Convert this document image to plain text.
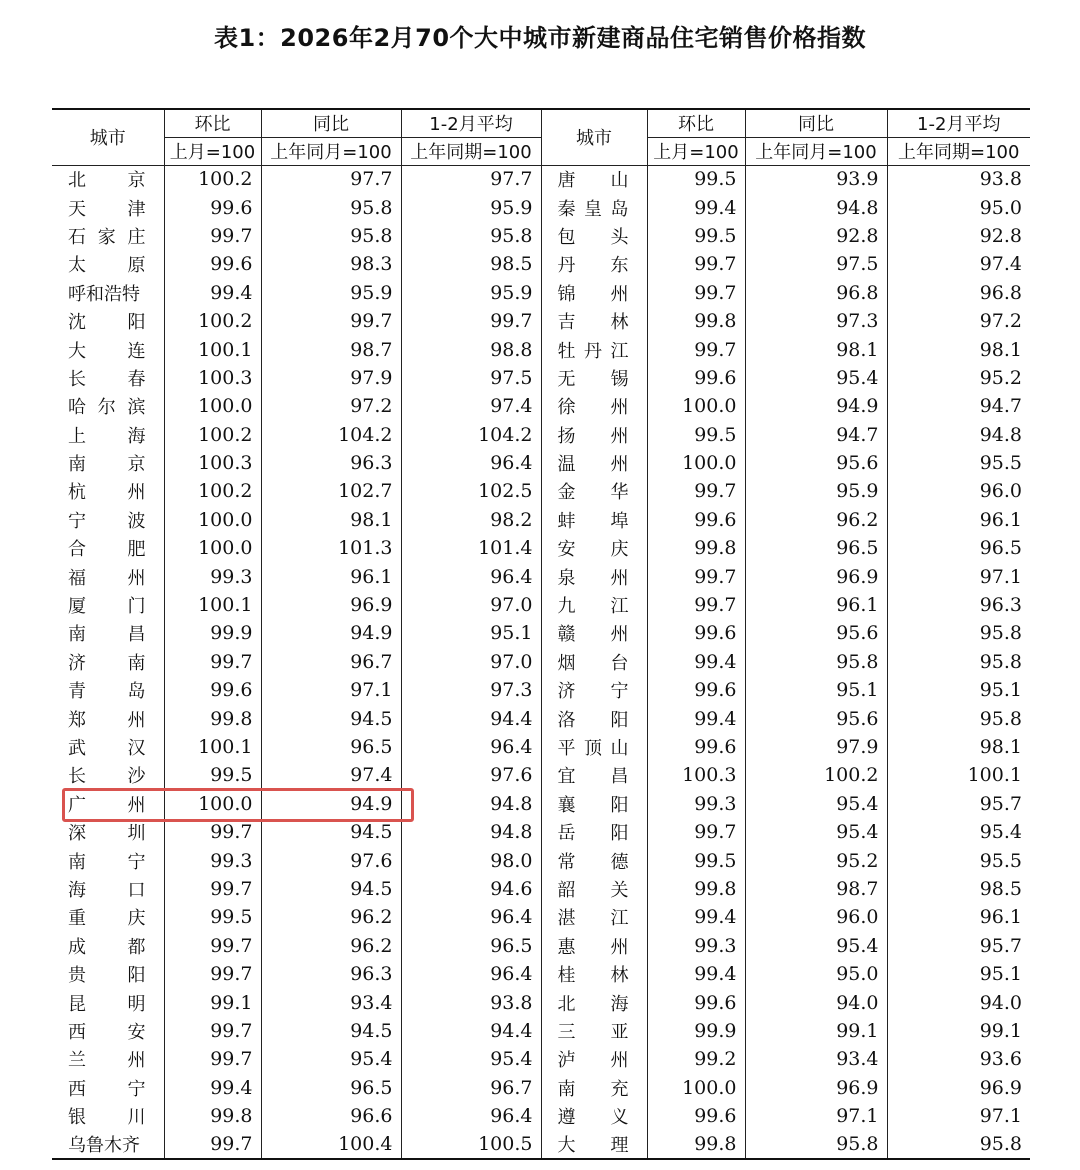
表1：2026年2月70个大中城市新建商品住宅销售价格指数
城市	环比	同比	1-2月平均	城市	环比	同比	1-2月平均
	上月=100	上年同月=100	上年同期=100		上月=100	上年同月=100	上年同期=100

北 京	100.2	97.7	97.7	唐 山	99.5	93.9	93.8

天 津	99.6	95.8	95.9	秦 皇 岛	99.4	94.8	95.0

石 家 庄	99.7	95.8	95.8	包 头	99.5	92.8	92.8

太 原	99.6	98.3	98.5	丹 东	99.7	97.5	97.4

呼 和 浩 特	99.4	95.9	95.9	锦 州	99.7	96.8	96.8

沈 阳	100.2	99.7	99.7	吉 林	99.8	97.3	97.2

大 连	100.1	98.7	98.8	牡 丹 江	99.7	98.1	98.1

长 春	100.3	97.9	97.5	无 锡	99.6	95.4	95.2

哈 尔 滨	100.0	97.2	97.4	徐 州	100.0	94.9	94.7

上 海	100.2	104.2	104.2	扬 州	99.5	94.7	94.8

南 京	100.3	96.3	96.4	温 州	100.0	95.6	95.5

杭 州	100.2	102.7	102.5	金 华	99.7	95.9	96.0

宁 波	100.0	98.1	98.2	蚌 埠	99.6	96.2	96.1

合 肥	100.0	101.3	101.4	安 庆	99.8	96.5	96.5

福 州	99.3	96.1	96.4	泉 州	99.7	96.9	97.1

厦 门	100.1	96.9	97.0	九 江	99.7	96.1	96.3

南 昌	99.9	94.9	95.1	赣 州	99.6	95.6	95.8

济 南	99.7	96.7	97.0	烟 台	99.4	95.8	95.8

青 岛	99.6	97.1	97.3	济 宁	99.6	95.1	95.1

郑 州	99.8	94.5	94.4	洛 阳	99.4	95.6	95.8

武 汉	100.1	96.5	96.4	平 顶 山	99.6	97.9	98.1

长 沙	99.5	97.4	97.6	宜 昌	100.3	100.2	100.1

广 州	100.0	94.9	94.8	襄 阳	99.3	95.4	95.7

深 圳	99.7	94.5	94.8	岳 阳	99.7	95.4	95.4

南 宁	99.3	97.6	98.0	常 德	99.5	95.2	95.5

海 口	99.7	94.5	94.6	韶 关	99.8	98.7	98.5

重 庆	99.5	96.2	96.4	湛 江	99.4	96.0	96.1

成 都	99.7	96.2	96.5	惠 州	99.3	95.4	95.7

贵 阳	99.7	96.3	96.4	桂 林	99.4	95.0	95.1

昆 明	99.1	93.4	93.8	北 海	99.6	94.0	94.0

西 安	99.7	94.5	94.4	三 亚	99.9	99.1	99.1

兰 州	99.7	95.4	95.4	泸 州	99.2	93.4	93.6

西 宁	99.4	96.5	96.7	南 充	100.0	96.9	96.9

银 川	99.8	96.6	96.4	遵 义	99.6	97.1	97.1

乌 鲁 木 齐	99.7	100.4	100.5	大 理	99.8	95.8	95.8
